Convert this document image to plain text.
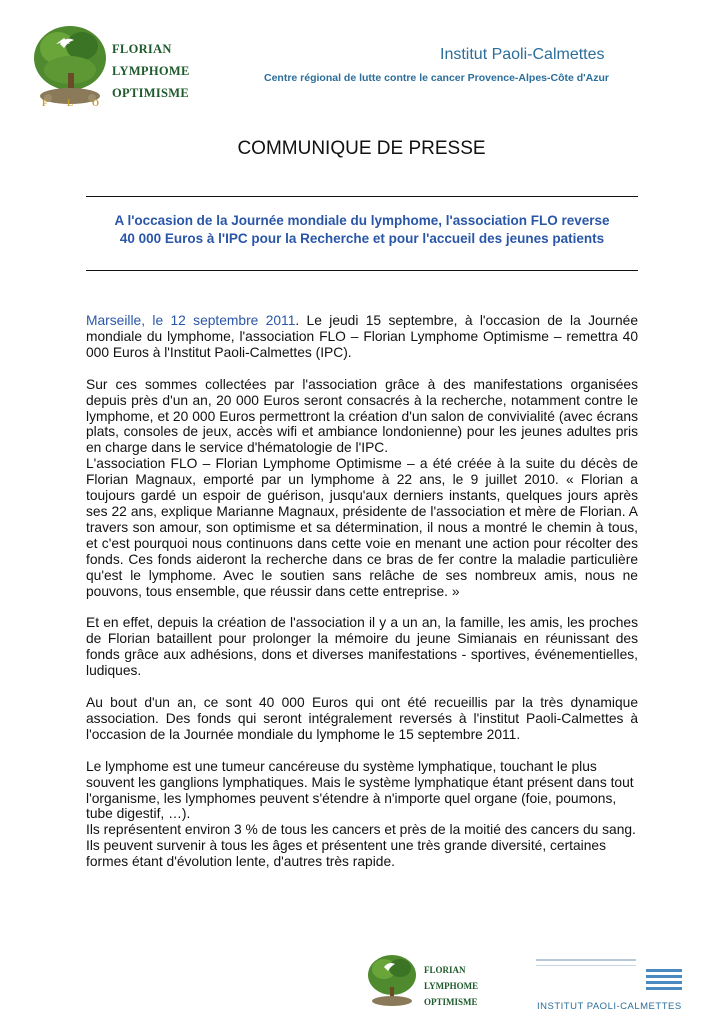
F L O
FLORIAN
LYMPHOME
OPTIMISME
Institut Paoli-Calmettes
Centre régional de lutte contre le cancer Provence-Alpes-Côte d'Azur
COMMUNIQUE DE PRESSE
A l'occasion de la Journée mondiale du lymphome, l'association FLO reverse
40 000 Euros à l'IPC pour la Recherche et pour l'accueil des jeunes patients

Marseille, le 12 septembre 2011. Le jeudi 15 septembre, à l'occasion de la Journée mondiale du lymphome, l'association FLO – Florian Lymphome Optimisme – remettra 40 000 Euros à l'Institut Paoli-Calmettes (IPC).

Sur ces sommes collectées par l'association grâce à des manifestations organisées depuis près d'un an, 20 000 Euros seront consacrés à la recherche, notamment contre le lymphome, et 20 000 Euros permettront la création d'un salon de convivialité (avec écrans plats, consoles de jeux, accès wifi et ambiance londonienne) pour les jeunes adultes pris en charge dans le service d'hématologie de l'IPC.

L'association FLO – Florian Lymphome Optimisme – a été créée à la suite du décès de Florian Magnaux, emporté par un lymphome à 22 ans, le 9 juillet 2010. « Florian a toujours gardé un espoir de guérison, jusqu'aux derniers instants, quelques jours après ses 22 ans, explique Marianne Magnaux, présidente de l'association et mère de Florian. A travers son amour, son optimisme et sa détermination, il nous a montré le chemin à tous, et c'est pourquoi nous continuons dans cette voie en menant une action pour récolter des fonds. Ces fonds aideront la recherche dans ce bras de fer contre la maladie particulière qu'est le lymphome. Avec le soutien sans relâche de ses nombreux amis, nous ne pouvons, tous ensemble, que réussir dans cette entreprise. »

Et en effet, depuis la création de l'association il y a un an, la famille, les amis, les proches de Florian bataillent pour prolonger la mémoire du jeune Simianais en réunissant des fonds grâce aux adhésions, dons et diverses manifestations - sportives, événementielles, ludiques.

Au bout d'un an, ce sont 40 000 Euros qui ont été recueillis par la très dynamique association. Des fonds qui seront intégralement reversés à l'institut Paoli-Calmettes à l'occasion de la Journée mondiale du lymphome le 15 septembre 2011.

Le lymphome est une tumeur cancéreuse du système lymphatique, touchant le plus souvent les ganglions lymphatiques. Mais le système lymphatique étant présent dans tout l'organisme, les lymphomes peuvent s'étendre à n'importe quel organe (foie, poumons, tube digestif, …).

Ils représentent environ 3 % de tous les cancers et près de la moitié des cancers du sang. Ils peuvent survenir à tous les âges et présentent une très grande diversité, certaines formes étant d'évolution lente, d'autres très rapide.

FLORIAN
LYMPHOME
OPTIMISME	INSTITUT PAOLI-CALMETTES
